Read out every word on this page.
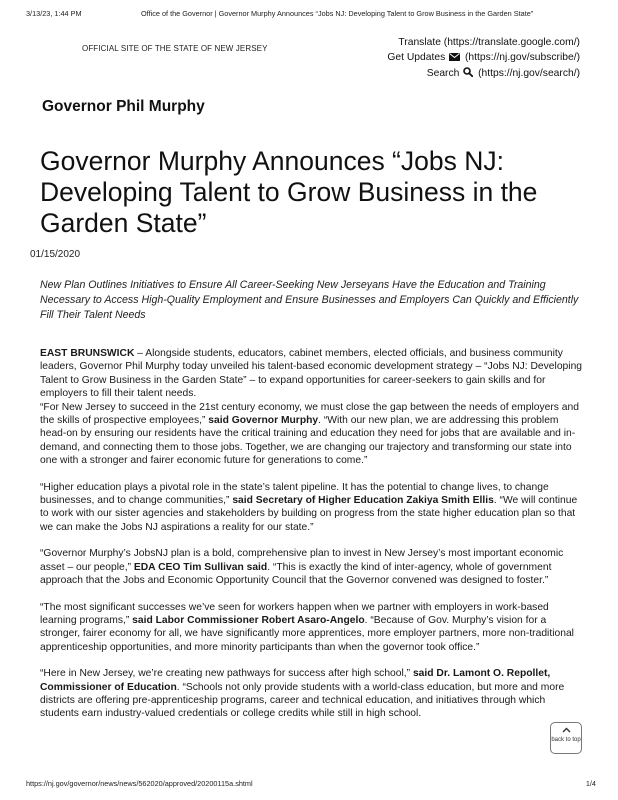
3/13/23, 1:44 PM	Office of the Governor | Governor Murphy Announces “Jobs NJ: Developing Talent to Grow Business in the Garden State”
OFFICIAL SITE OF THE STATE OF NEW JERSEY
Translate (https://translate.google.com/)
Get Updates (https://nj.gov/subscribe/)
Search (https://nj.gov/search/)
Governor Phil Murphy
Governor Murphy Announces “Jobs NJ: Developing Talent to Grow Business in the Garden State”
01/15/2020
New Plan Outlines Initiatives to Ensure All Career-Seeking New Jerseyans Have the Education and Training Necessary to Access High-Quality Employment and Ensure Businesses and Employers Can Quickly and Efficiently Fill Their Talent Needs

EAST BRUNSWICK – Alongside students, educators, cabinet members, elected officials, and business community leaders, Governor Phil Murphy today unveiled his talent-based economic development strategy – “Jobs NJ: Developing Talent to Grow Business in the Garden State” – to expand opportunities for career-seekers to gain skills and for employers to fill their talent needs.

“For New Jersey to succeed in the 21st century economy, we must close the gap between the needs of employers and the skills of prospective employees,” said Governor Murphy. “With our new plan, we are addressing this problem head-on by ensuring our residents have the critical training and education they need for jobs that are available and in-demand, and connecting them to those jobs. Together, we are changing our trajectory and transforming our state into one with a stronger and fairer economic future for generations to come.”

“Higher education plays a pivotal role in the state’s talent pipeline. It has the potential to change lives, to change businesses, and to change communities,” said Secretary of Higher Education Zakiya Smith Ellis. “We will continue to work with our sister agencies and stakeholders by building on progress from the state higher education plan so that we can make the Jobs NJ aspirations a reality for our state.”

“Governor Murphy’s JobsNJ plan is a bold, comprehensive plan to invest in New Jersey’s most important economic asset – our people,” EDA CEO Tim Sullivan said. “This is exactly the kind of inter-agency, whole of government approach that the Jobs and Economic Opportunity Council that the Governor convened was designed to foster.”

“The most significant successes we’ve seen for workers happen when we partner with employers in work-based learning programs,” said Labor Commissioner Robert Asaro-Angelo. “Because of Gov. Murphy’s vision for a stronger, fairer economy for all, we have significantly more apprentices, more employer partners, more non-traditional apprenticeship opportunities, and more minority participants than when the governor took office.”

“Here in New Jersey, we’re creating new pathways for success after high school,” said Dr. Lamont O. Repollet, Commissioner of Education. “Schools not only provide students with a world-class education, but more and more districts are offering pre-apprenticeship programs, career and technical education, and initiatives through which students earn industry-valued credentials or college credits while still in high school.

back to top
https://nj.gov/governor/news/news/562020/approved/20200115a.shtml	1/4
